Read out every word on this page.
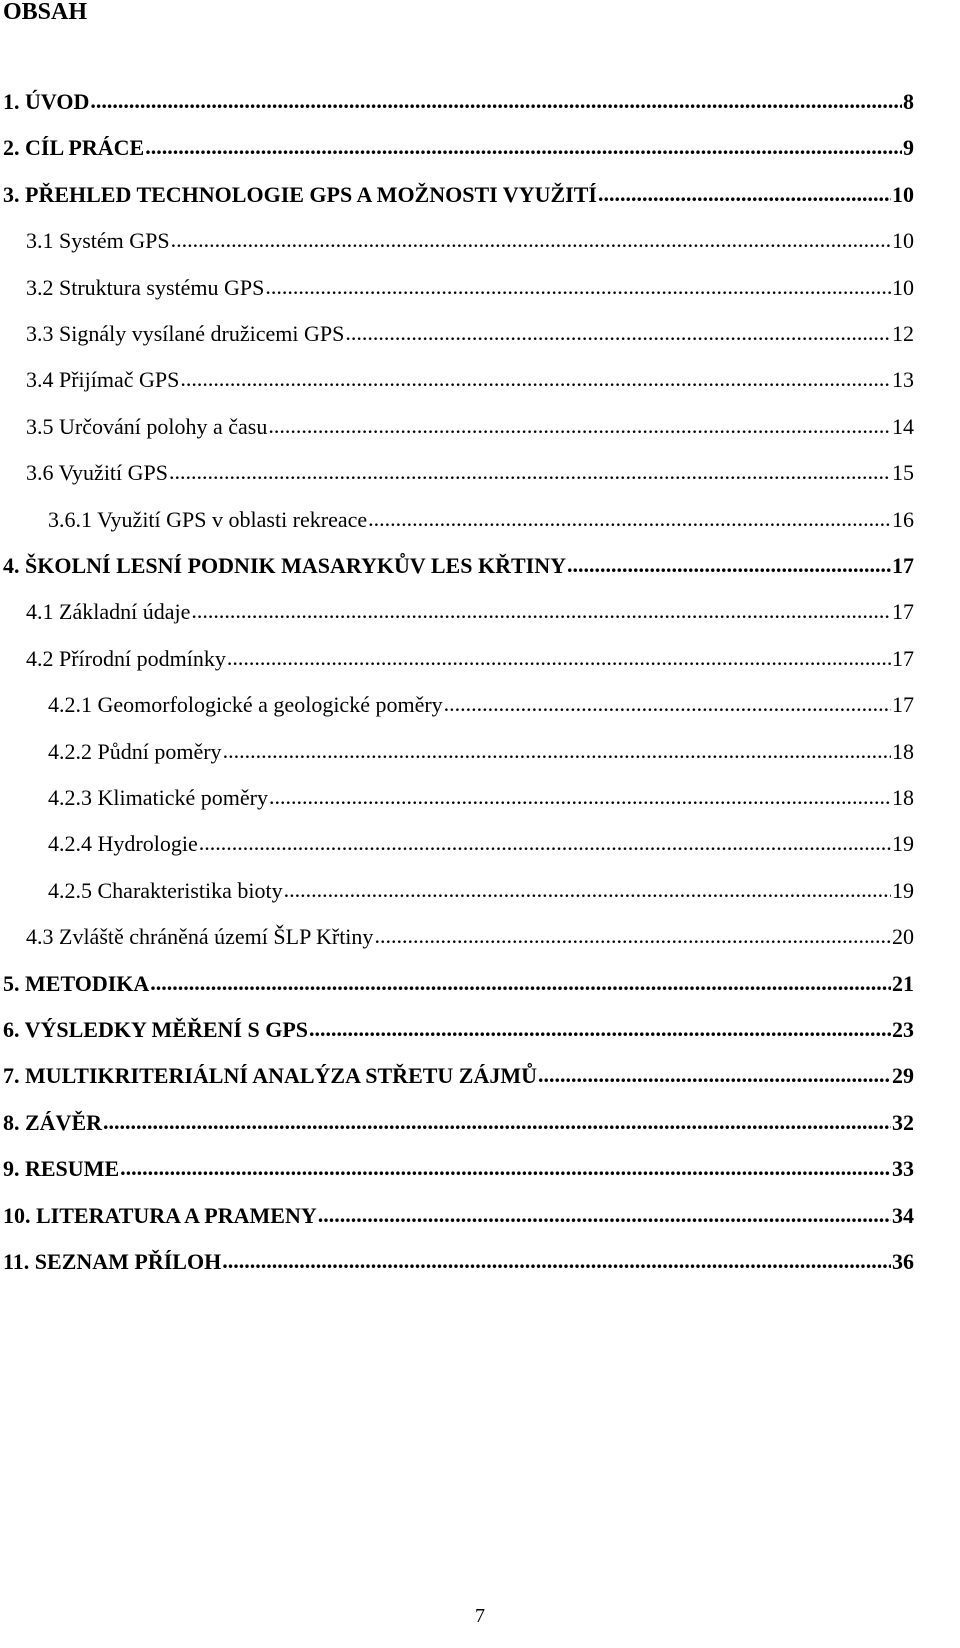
OBSAH
1. ÚVOD .....	8
2. CÍL PRÁCE .....	9
3. PŘEHLED TECHNOLOGIE GPS A MOŽNOSTI VYUŽITÍ .....	10
3.1 Systém GPS .....	10
3.2 Struktura systému GPS .....	10
3.3 Signály vysílané družicemi GPS .....	12
3.4 Přijímač GPS .....	13
3.5 Určování polohy a času .....	14
3.6 Využití GPS .....	15
3.6.1 Využití GPS v oblasti rekreace .....	16
4. ŠKOLNÍ LESNÍ PODNIK MASARYKŮV LES KŘTINY .....	17
4.1 Základní údaje .....	17
4.2 Přírodní podmínky .....	17
4.2.1 Geomorfologické a geologické poměry .....	17
4.2.2 Půdní poměry .....	18
4.2.3 Klimatické poměry .....	18
4.2.4 Hydrologie .....	19
4.2.5 Charakteristika bioty .....	19
4.3 Zvláště chráněná území ŠLP Křtiny .....	20
5. METODIKA .....	21
6. VÝSLEDKY MĚŘENÍ S GPS .....	23
7. MULTIKRITERIÁLNÍ ANALÝZA STŘETU ZÁJMŮ .....	29
8. ZÁVĚR .....	32
9. RESUME .....	33
10. LITERATURA A PRAMENY .....	34
11. SEZNAM PŘÍLOH .....	36
7
